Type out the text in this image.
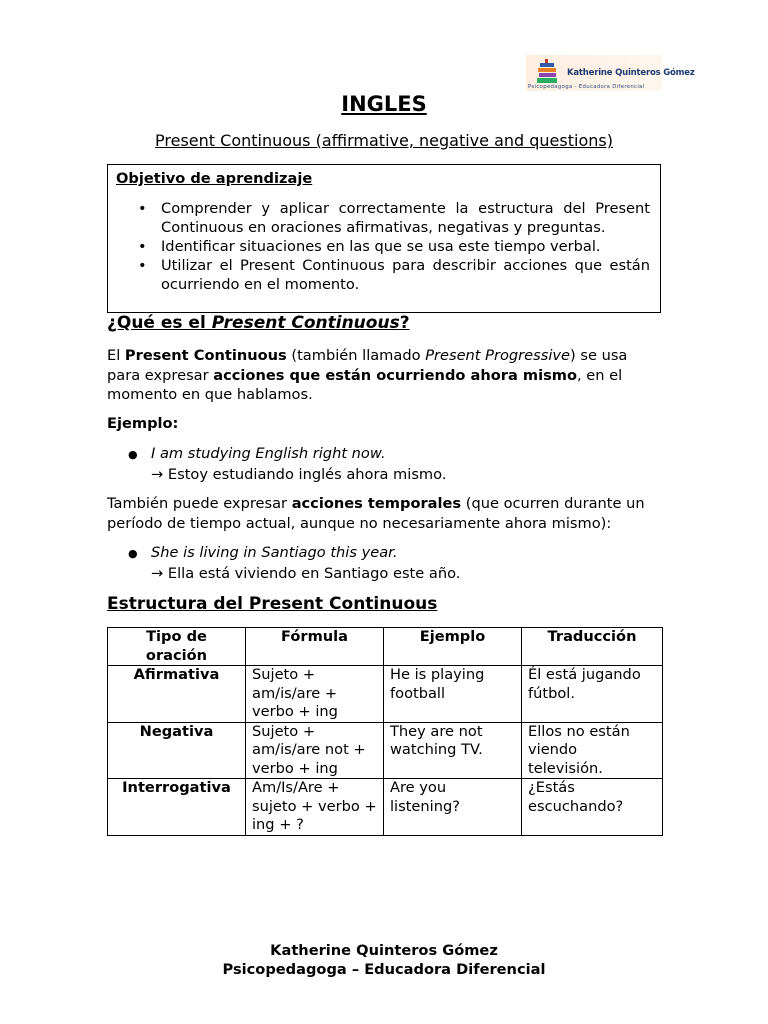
Katherine Quinteros Gómez
Psicopedagoga - Educadora Diferencial
INGLES
Present Continuous (affirmative, negative and questions)
Objetivo de aprendizaje
• Comprender y aplicar correctamente la estructura del Present Continuous en oraciones afirmativas, negativas y preguntas.
• Identificar situaciones en las que se usa este tiempo verbal.
• Utilizar el Present Continuous para describir acciones que están ocurriendo en el momento.
¿Qué es el Present Continuous?
El Present Continuous (también llamado Present Progressive) se usa para expresar acciones que están ocurriendo ahora mismo, en el momento en que hablamos.
Ejemplo:
● I am studying English right now.
→ Estoy estudiando inglés ahora mismo.
También puede expresar acciones temporales (que ocurren durante un período de tiempo actual, aunque no necesariamente ahora mismo):
● She is living in Santiago this year.
→ Ella está viviendo en Santiago este año.
Estructura del Present Continuous
Tipo de oración	Fórmula	Ejemplo	Traducción
Afirmativa	Sujeto + am/is/are + verbo + ing	He is playing football	Él está jugando fútbol.
Negativa	Sujeto + am/is/are not + verbo + ing	They are not watching TV.	Ellos no están viendo televisión.
Interrogativa	Am/Is/Are + sujeto + verbo + ing + ?	Are you listening?	¿Estás escuchando?
Katherine Quinteros Gómez
Psicopedagoga – Educadora Diferencial
